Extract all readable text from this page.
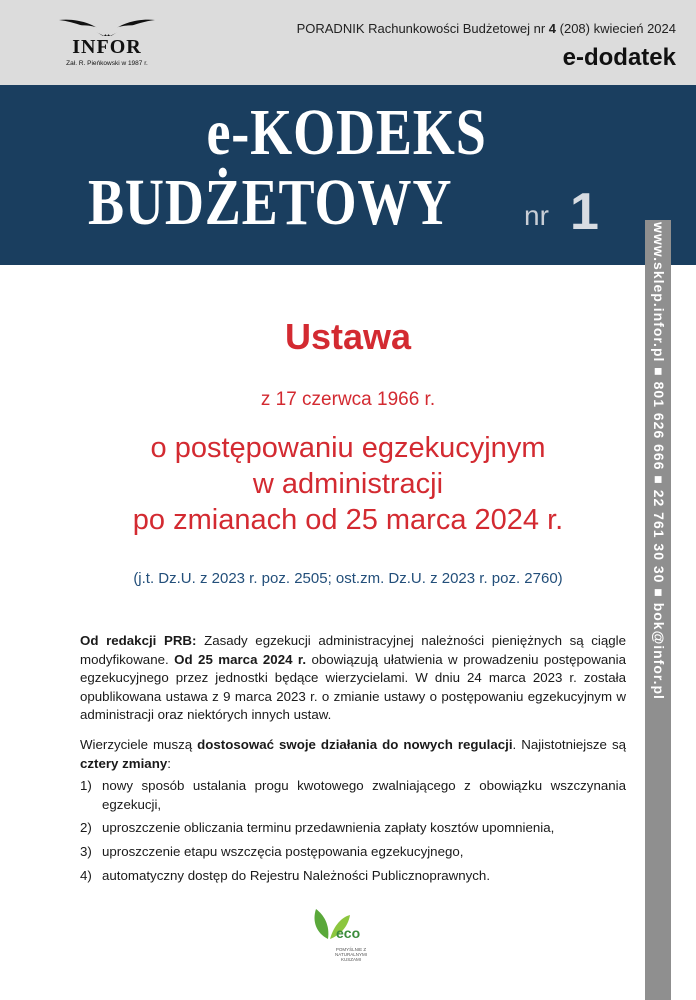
INFOR
Zał. R. Pieńkowski w 1987 r.
PORADNIK Rachunkowości Budżetowej nr 4 (208) kwiecień 2024
e-dodatek
e-KODEKS
BUDŻETOWY	nr 1
www.sklep.infor.pl ■ 801 626 666 ■ 22 761 30 30 ■ bok@infor.pl
Ustawa
z 17 czerwca 1966 r.
o postępowaniu egzekucyjnym
w administracji
po zmianach od 25 marca 2024 r.
(j.t. Dz.U. z 2023 r. poz. 2505; ost.zm. Dz.U. z 2023 r. poz. 2760)

Od redakcji PRB: Zasady egzekucji administracyjnej należności pieniężnych są ciągle modyfikowane. Od 25 marca 2024 r. obowiązują ułatwienia w prowadzeniu postępowania egzekucyjnego przez jednostki będące wierzycielami. W dniu 24 marca 2023 r. została opublikowana ustawa z 9 marca 2023 r. o zmianie ustawy o postępowaniu egzekucyjnym w administracji oraz niektórych innych ustaw.

Wierzyciele muszą dostosować swoje działania do nowych regulacji. Najistotniejsze są cztery zmiany:

1) nowy sposób ustalania progu kwotowego zwalniającego z obowiązku wszczynania egzekucji,
2) uproszczenie obliczania terminu przedawnienia zapłaty kosztów upomnienia,
3) uproszczenie etapu wszczęcia postępowania egzekucyjnego,
4) automatyczny dostęp do Rejestru Należności Publicznoprawnych.
eco
POMYŚLNIE Z NATURALNYMI KUSZAMI
